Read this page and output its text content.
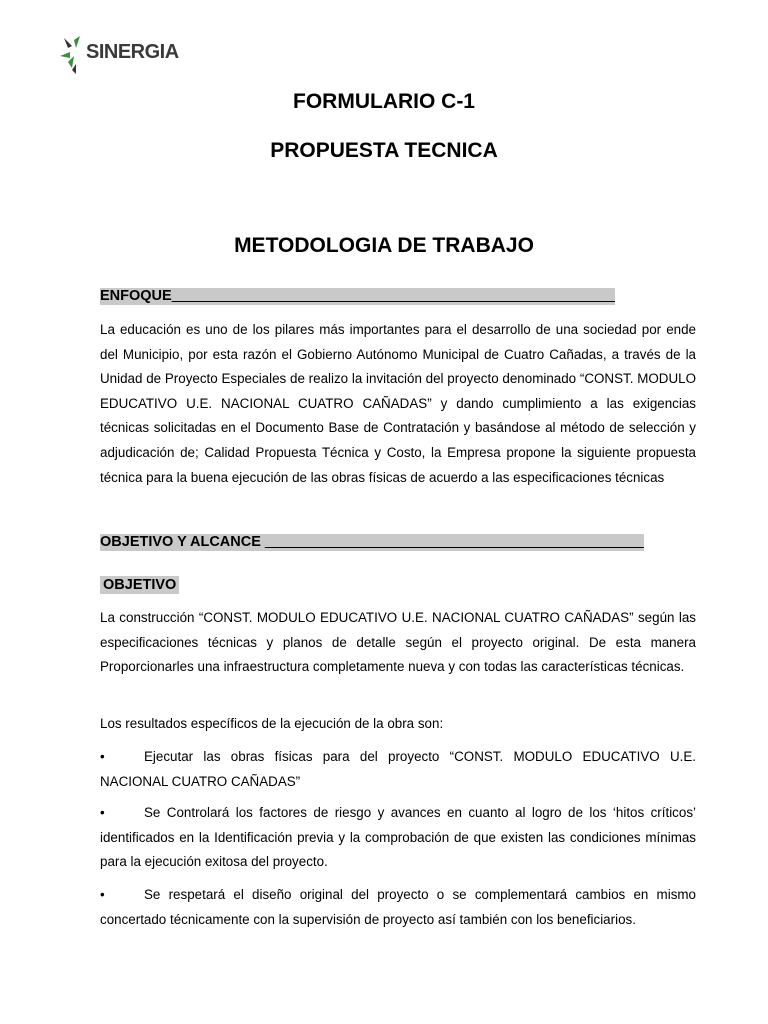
SINERGIA
FORMULARIO C-1
PROPUESTA TECNICA
METODOLOGIA DE TRABAJO
ENFOQUE_______________________________________________________

La educación es uno de los pilares más importantes para el desarrollo de una sociedad por ende del Municipio, por esta razón el Gobierno Autónomo Municipal de Cuatro Cañadas, a través de la Unidad de Proyecto Especiales de realizo la invitación del proyecto denominado “CONST. MODULO EDUCATIVO U.E. NACIONAL CUATRO CAÑADAS” y dando cumplimiento a las exigencias técnicas solicitadas en el Documento Base de Contratación y basándose al método de selección y adjudicación de; Calidad Propuesta Técnica y Costo, la Empresa propone la siguiente propuesta técnica para la buena ejecución de las obras físicas de acuerdo a las especificaciones técnicas

OBJETIVO Y ALCANCE _______________________________________________
OBJETIVO

La construcción “CONST. MODULO EDUCATIVO U.E. NACIONAL CUATRO CAÑADAS” según las especificaciones técnicas y planos de detalle según el proyecto original. De esta manera Proporcionarles una infraestructura completamente nueva y con todas las características técnicas.

Los resultados específicos de la ejecución de la obra son:

•	Ejecutar las obras físicas para del proyecto “CONST. MODULO EDUCATIVO U.E. NACIONAL CUATRO CAÑADAS”

•	Se Controlará los factores de riesgo y avances en cuanto al logro de los ‘hitos críticos’ identificados en la Identificación previa y la comprobación de que existen las condiciones mínimas para la ejecución exitosa del proyecto.

•	Se respetará el diseño original del proyecto o se complementará cambios en mismo concertado técnicamente con la supervisión de proyecto así también con los beneficiarios.
